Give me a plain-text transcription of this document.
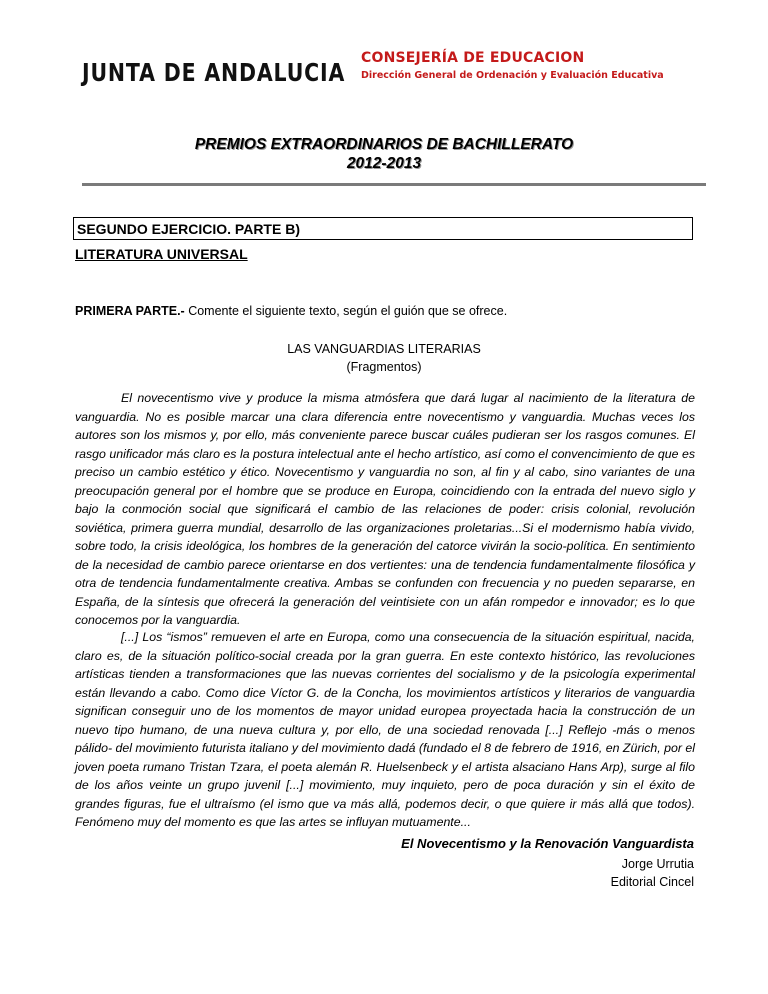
JUNTA DE ANDALUCIA CONSEJERÍA DE EDUCACION
Dirección General de Ordenación y Evaluación Educativa
PREMIOS EXTRAORDINARIOS DE BACHILLERATO
2012-2013
SEGUNDO EJERCICIO. PARTE B)
LITERATURA UNIVERSAL
PRIMERA PARTE.- Comente el siguiente texto, según el guión que se ofrece.
LAS VANGUARDIAS LITERARIAS
(Fragmentos)
El novecentismo vive y produce la misma atmósfera que dará lugar al nacimiento de la literatura de vanguardia. No es posible marcar una clara diferencia entre novecentismo y vanguardia. Muchas veces los autores son los mismos y, por ello, más conveniente parece buscar cuáles pudieran ser los rasgos comunes. El rasgo unificador más claro es la postura intelectual ante el hecho artístico, así como el convencimiento de que es preciso un cambio estético y ético. Novecentismo y vanguardia no son, al fin y al cabo, sino variantes de una preocupación general por el hombre que se produce en Europa, coincidiendo con la entrada del nuevo siglo y bajo la conmoción social que significará el cambio de las relaciones de poder: crisis colonial, revolución soviética, primera guerra mundial, desarrollo de las organizaciones proletarias...Si el modernismo había vivido, sobre todo, la crisis ideológica, los hombres de la generación del catorce vivirán la socio-política. En sentimiento de la necesidad de cambio parece orientarse en dos vertientes: una de tendencia fundamentalmente filosófica y otra de tendencia fundamentalmente creativa. Ambas se confunden con frecuencia y no pueden separarse, en España, de la síntesis que ofrecerá la generación del veintisiete con un afán rompedor e innovador; es lo que conocemos por la vanguardia.
[...] Los “ismos” remueven el arte en Europa, como una consecuencia de la situación espiritual, nacida, claro es, de la situación político-social creada por la gran guerra. En este contexto histórico, las revoluciones artísticas tienden a transformaciones que las nuevas corrientes del socialismo y de la psicología experimental están llevando a cabo. Como dice Víctor G. de la Concha, los movimientos artísticos y literarios de vanguardia significan conseguir uno de los momentos de mayor unidad europea proyectada hacia la construcción de un nuevo tipo humano, de una nueva cultura y, por ello, de una sociedad renovada [...] Reflejo -más o menos pálido- del movimiento futurista italiano y del movimiento dadá (fundado el 8 de febrero de 1916, en Zürich, por el joven poeta rumano Tristan Tzara, el poeta alemán R. Huelsenbeck y el artista alsaciano Hans Arp), surge al filo de los años veinte un grupo juvenil [...] movimiento, muy inquieto, pero de poca duración y sin el éxito de grandes figuras, fue el ultraísmo (el ismo que va más allá, podemos decir, o que quiere ir más allá que todos). Fenómeno muy del momento es que las artes se influyan mutuamente...
El Novecentismo y la Renovación Vanguardista
Jorge Urrutia
Editorial Cincel
